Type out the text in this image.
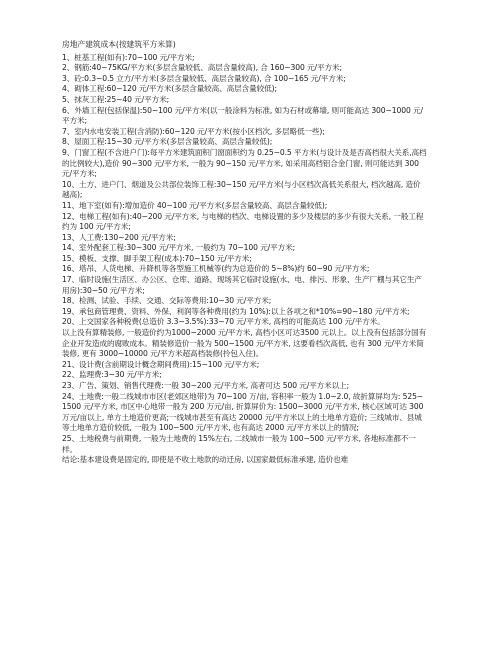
房地产建筑成本(按建筑平方米算)

1、桩基工程(如有):70~100 元/平方米;

2、钢筋:40~75KG/平方米(多层含量较低、高层含量较高), 合 160~300 元/平方米;

3、砼:0.3~0.5 立方/平方米(多层含量较低、高层含量较高), 合 100~165 元/平方米;

4、砌体工程:60~120 元/平方米(多层含量较高、高层含量较低);

5、抹灰工程:25~40 元/平方米;

6、外墙工程(包括保温):50~100 元/平方米(以一般涂料为标准, 如为石材或幕墙, 则可能高达 300~1000 元/平方米;

7、室内水电安装工程(含消防):60~120 元/平方米(按小区档次, 多层略低一些);

8、屋面工程:15~30 元/平方米(多层含量较高、高层含量较低);

9、门窗工程(不含进户门):每平方米建筑面积门窗面积约为 0.25~0.5 平方米(与设计及是否高档很大关系,高档的比例较大),造价 90~300 元/平方米, 一般为 90~150 元/平方米, 如采用高档铝合金门窗, 则可能达到 300 元/平方米;

10、土方、进户门、烟道及公共部位装饰工程:30~150 元/平方米(与小区档次高低关系很大, 档次越高, 造价越高);

11、地下室(如有):增加造价 40~100 元/平方米(多层含量较高、高层含量较低);

12、电梯工程(如有):40~200 元/平方米, 与电梯的档次、电梯设置的多少及楼层的多少有很大关系, 一般工程约为 100 元/平方米;

13、人工费:130~200 元/平方米;

14、室外配套工程:30~300 元/平方米, 一般约为 70~100 元/平方米;

15、模板、支撑、脚手架工程(成本):70~150 元/平方米;

16、塔吊、人货电梯、升降机等各型施工机械等(约为总造价的 5~8%)约 60~90 元/平方米;

17、临时设施(生活区、办公区、仓库、道路、现场其它临时设施(水、电、排污、形象、生产厂棚与其它生产用房):30~50 元/平方米;

18、检测、试验、手续、交通、交际等费用:10~30 元/平方米;

19、承包商管理费、资料、外保、利润等各种费用(约为 10%):以上各项之和*10%=90~180 元/平方米;

20、上交国家各种税费(总造价 3.3~3.5%):33~70 元/平方米, 高档的可能高达 100 元/平方米。

以上没有算精装修, 一般造价约为1000~2000 元/平方米, 高档小区可达3500 元以上。以上没有包括部分国有企业开发造成的腐败成本。精装修造价一般为 500~1500 元/平方米, 这要看档次高低, 也有 300 元/平方米简装修, 更有 3000~10000 元/平方米超高档装修(拎包入住)。

21、设计费(含前期设计概念期间费用):15~100 元/平方米;

22、监理费:3~30 元/平方米;

23、广告、策划、销售代理费:一般 30~200 元/平方米, 高者可达 500 元/平方米以上;

24、土地费:一般二线城市市区(老郊区地带)为 70~100 万/亩, 容积率一般为 1.0~2.0, 故折算屏均为: 525~1500 元/平方米, 市区中心地带一般为 200 万元/亩, 折算屏价为: 1500~3000 元/平方米, 核心区域可达 300 万元/亩以上, 单方土地造价更高;一线城市甚至有高达 20000 元/平方米以上的土地单方造价; 三线城市、县城等土地单方造价较低, 一般为 100~500 元/平方米, 也有高达 2000 元/平方米以上的情况;

25、土地税费与前期费, 一般为土地费的 15%左右, 二线城市一般为 100~500 元/平方米, 各地标准都不一样。

结论:基本建设费是固定的, 即使是不收土地款的动迁房, 以国家最低标准承建, 造价也难
